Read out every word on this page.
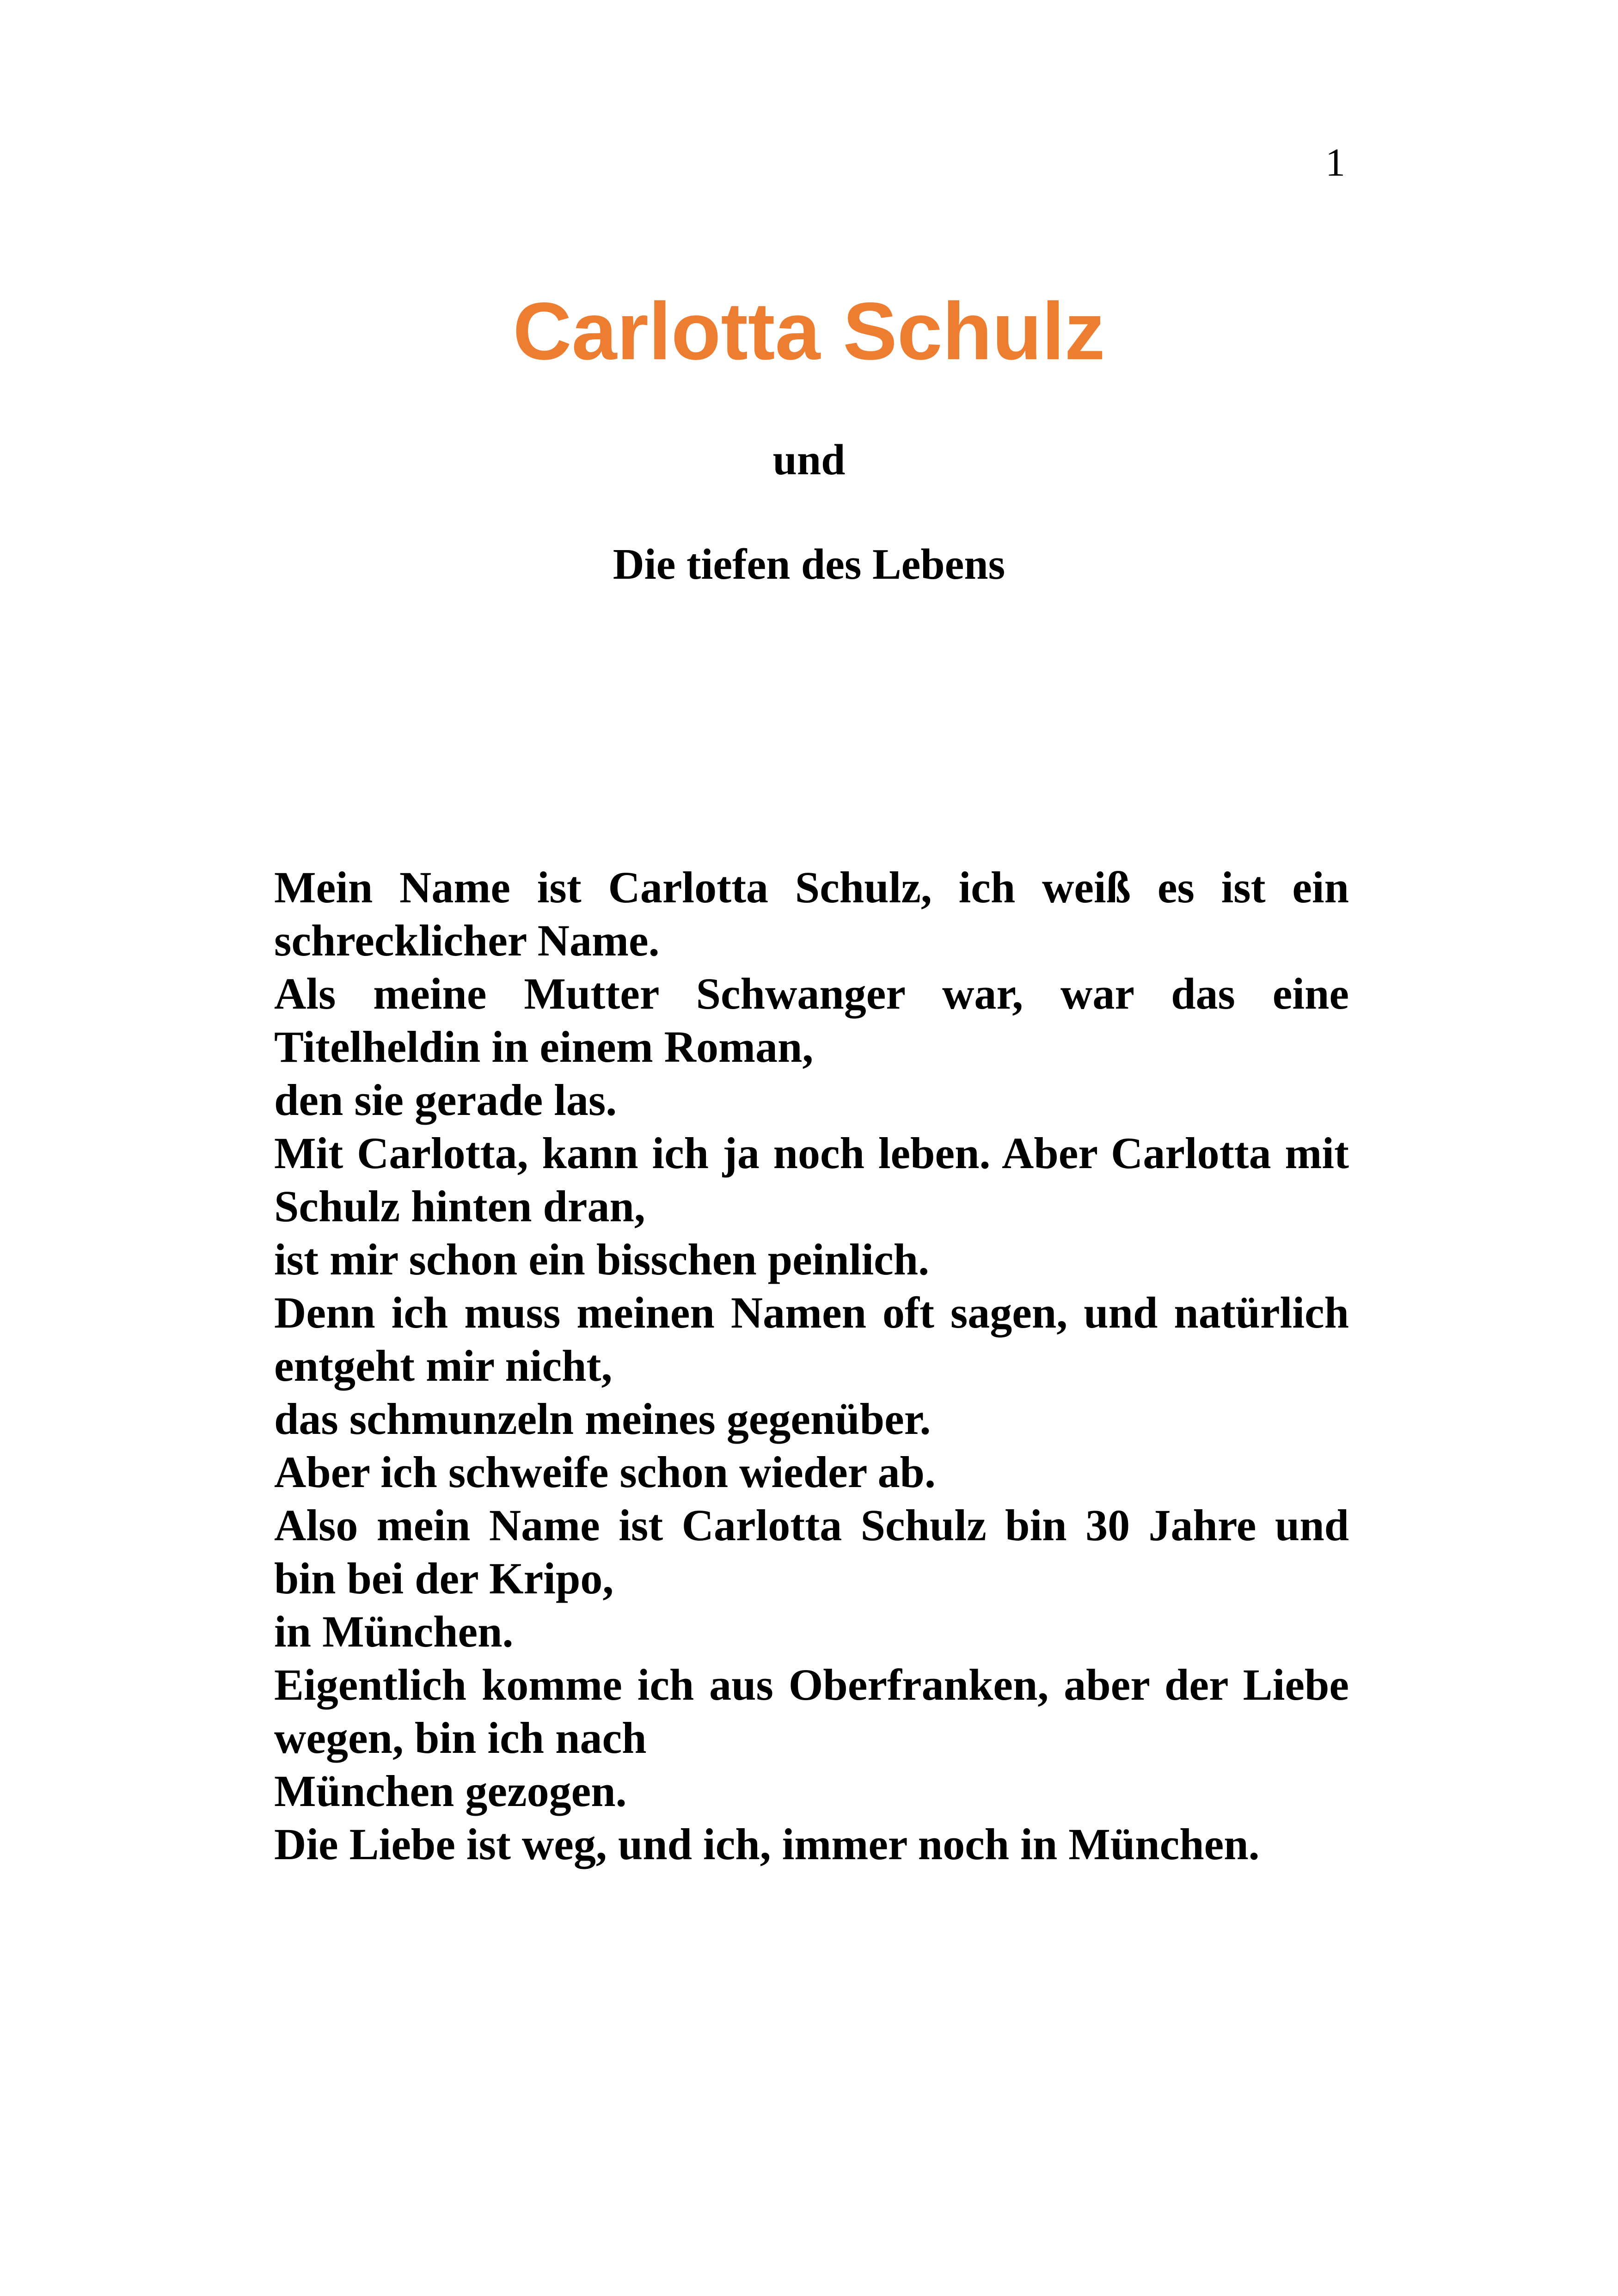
1
Carlotta Schulz
und
Die tiefen des Lebens

Mein Name ist Carlotta Schulz, ich weiß es ist ein schrecklicher Name.

Als meine Mutter Schwanger war, war das eine Titelheldin in einem Roman,

den sie gerade las.

Mit Carlotta, kann ich ja noch leben. Aber Carlotta mit Schulz hinten dran,

ist mir schon ein bisschen peinlich.

Denn ich muss meinen Namen oft sagen, und natürlich entgeht mir nicht,

das schmunzeln meines gegenüber.

Aber ich schweife schon wieder ab.

Also mein Name ist Carlotta Schulz bin 30 Jahre und bin bei der Kripo,

in München.

Eigentlich komme ich aus Oberfranken, aber der Liebe wegen, bin ich nach

München gezogen.

Die Liebe ist weg, und ich, immer noch in München.
